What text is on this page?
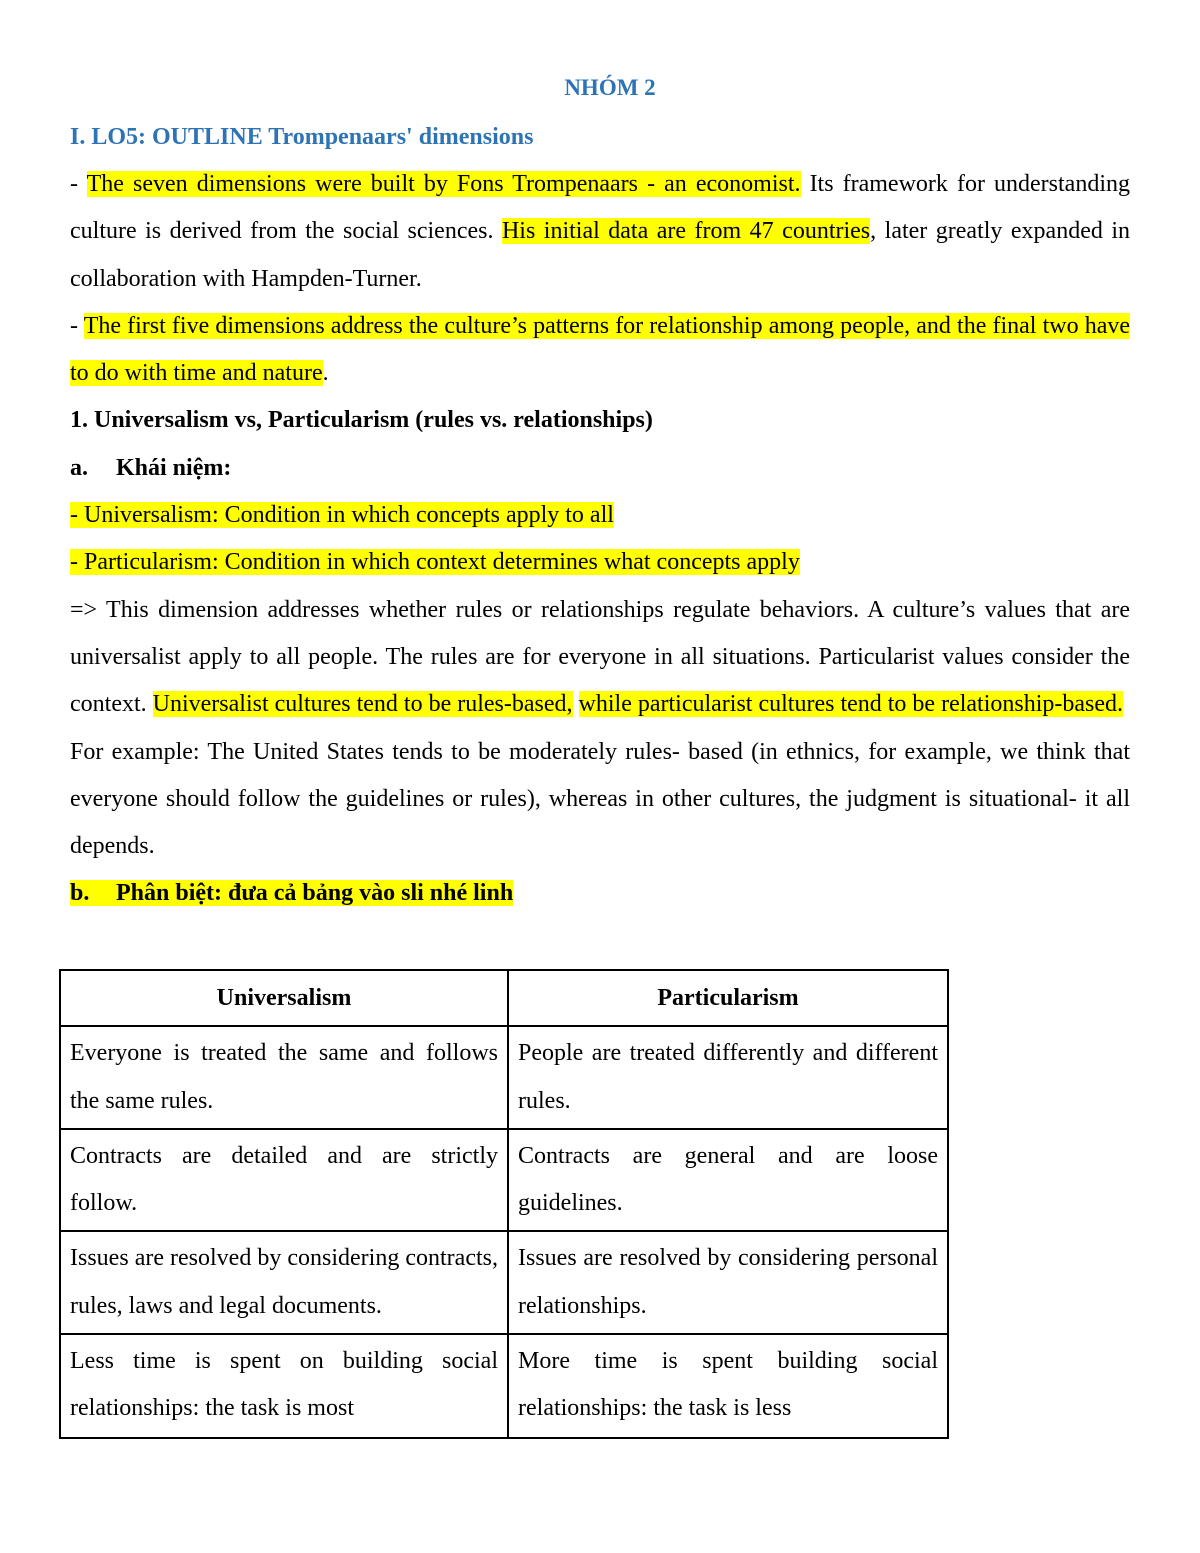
NHÓM 2
I. LO5: OUTLINE Trompenaars' dimensions

- The seven dimensions were built by Fons Trompenaars - an economist. Its framework for understanding culture is derived from the social sciences. His initial data are from 47 countries, later greatly expanded in collaboration with Hampden-Turner.

- The first five dimensions address the culture’s patterns for relationship among people, and the final two have to do with time and nature.

1. Universalism vs, Particularism (rules vs. relationships)

a. Khái niệm:

- Universalism: Condition in which concepts apply to all

- Particularism: Condition in which context determines what concepts apply

=> This dimension addresses whether rules or relationships regulate behaviors. A culture’s values that are universalist apply to all people. The rules are for everyone in all situations. Particularist values consider the context. Universalist cultures tend to be rules-based, while particularist cultures tend to be relationship-based.

For example: The United States tends to be moderately rules- based (in ethnics, for example, we think that everyone should follow the guidelines or rules), whereas in other cultures, the judgment is situational- it all depends.

b. Phân biệt: đưa cả bảng vào sli nhé linh
Universalism	Particularism
Everyone is treated the same and follows the same rules.	People are treated differently and different rules.
Contracts are detailed and are strictly follow.	Contracts are general and are loose guidelines.
Issues are resolved by considering contracts, rules, laws and legal documents.	Issues are resolved by considering personal relationships.
Less time is spent on building social relationships: the task is most	More time is spent building social relationships: the task is less
